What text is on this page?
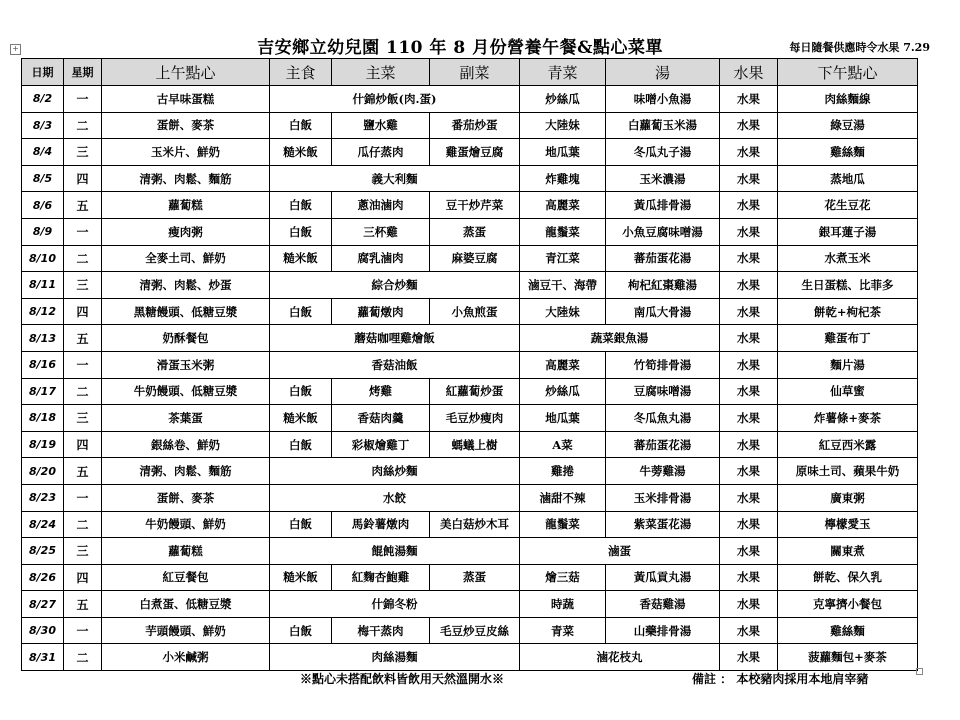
+	吉安鄉立幼兒園 110 年 8 月份營養午餐&點心菜單	每日隨餐供應時令水果 7.29
日期	星期	上午點心	主食	主菜	副菜	青菜	湯	水果	下午點心
8/2	一	古早味蛋糕	什錦炒飯(肉.蛋)			炒絲瓜	味噌小魚湯	水果	肉絲麵線
8/3	二	蛋餅、麥茶	白飯	鹽水雞	番茄炒蛋	大陸妹	白蘿蔔玉米湯	水果	綠豆湯
8/4	三	玉米片、鮮奶	糙米飯	瓜仔蒸肉	雞蛋燴豆腐	地瓜葉	冬瓜丸子湯	水果	雞絲麵
8/5	四	清粥、肉鬆、麵筋	義大利麵			炸雞塊	玉米濃湯	水果	蒸地瓜
8/6	五	蘿蔔糕	白飯	蔥油滷肉	豆干炒芹菜	高麗菜	黃瓜排骨湯	水果	花生豆花
8/9	一	瘦肉粥	白飯	三杯雞	蒸蛋	龍鬚菜	小魚豆腐味噌湯	水果	銀耳蓮子湯
8/10	二	全麥土司、鮮奶	糙米飯	腐乳滷肉	麻婆豆腐	青江菜	蕃茄蛋花湯	水果	水煮玉米
8/11	三	清粥、肉鬆、炒蛋	綜合炒麵			滷豆干、海帶	枸杞紅棗雞湯	水果	生日蛋糕、比菲多
8/12	四	黑糖饅頭、低糖豆漿	白飯	蘿蔔燉肉	小魚煎蛋	大陸妹	南瓜大骨湯	水果	餅乾+枸杞茶
8/13	五	奶酥餐包	蘑菇咖哩雞燴飯			蔬菜銀魚湯		水果	雞蛋布丁
8/16	一	滑蛋玉米粥	香菇油飯			高麗菜	竹筍排骨湯	水果	麵片湯
8/17	二	牛奶饅頭、低糖豆漿	白飯	烤雞	紅蘿蔔炒蛋	炒絲瓜	豆腐味噌湯	水果	仙草蜜
8/18	三	茶葉蛋	糙米飯	香菇肉羹	毛豆炒瘦肉	地瓜葉	冬瓜魚丸湯	水果	炸薯條+麥茶
8/19	四	銀絲卷、鮮奶	白飯	彩椒燴雞丁	螞蟻上樹	A菜	蕃茄蛋花湯	水果	紅豆西米露
8/20	五	清粥、肉鬆、麵筋	肉絲炒麵			雞捲	牛蒡雞湯	水果	原味土司、蘋果牛奶
8/23	一	蛋餅、麥茶	水餃			滷甜不辣	玉米排骨湯	水果	廣東粥
8/24	二	牛奶饅頭、鮮奶	白飯	馬鈴薯燉肉	美白菇炒木耳	龍鬚菜	紫菜蛋花湯	水果	檸檬愛玉
8/25	三	蘿蔔糕	餛飩湯麵			滷蛋		水果	關東煮
8/26	四	紅豆餐包	糙米飯	紅麴杏鮑雞	蒸蛋	燴三菇	黃瓜貢丸湯	水果	餅乾、保久乳
8/27	五	白煮蛋、低糖豆漿	什錦冬粉			時蔬	香菇雞湯	水果	克寧擠小餐包
8/30	一	芋頭饅頭、鮮奶	白飯	梅干蒸肉	毛豆炒豆皮絲	青菜	山藥排骨湯	水果	雞絲麵
8/31	二	小米鹹粥	肉絲湯麵			滷花枝丸		水果	菠蘿麵包+麥茶
※點心未搭配飲料皆飲用天然溫開水※	備註 ： 本校豬肉採用本地肩宰豬
